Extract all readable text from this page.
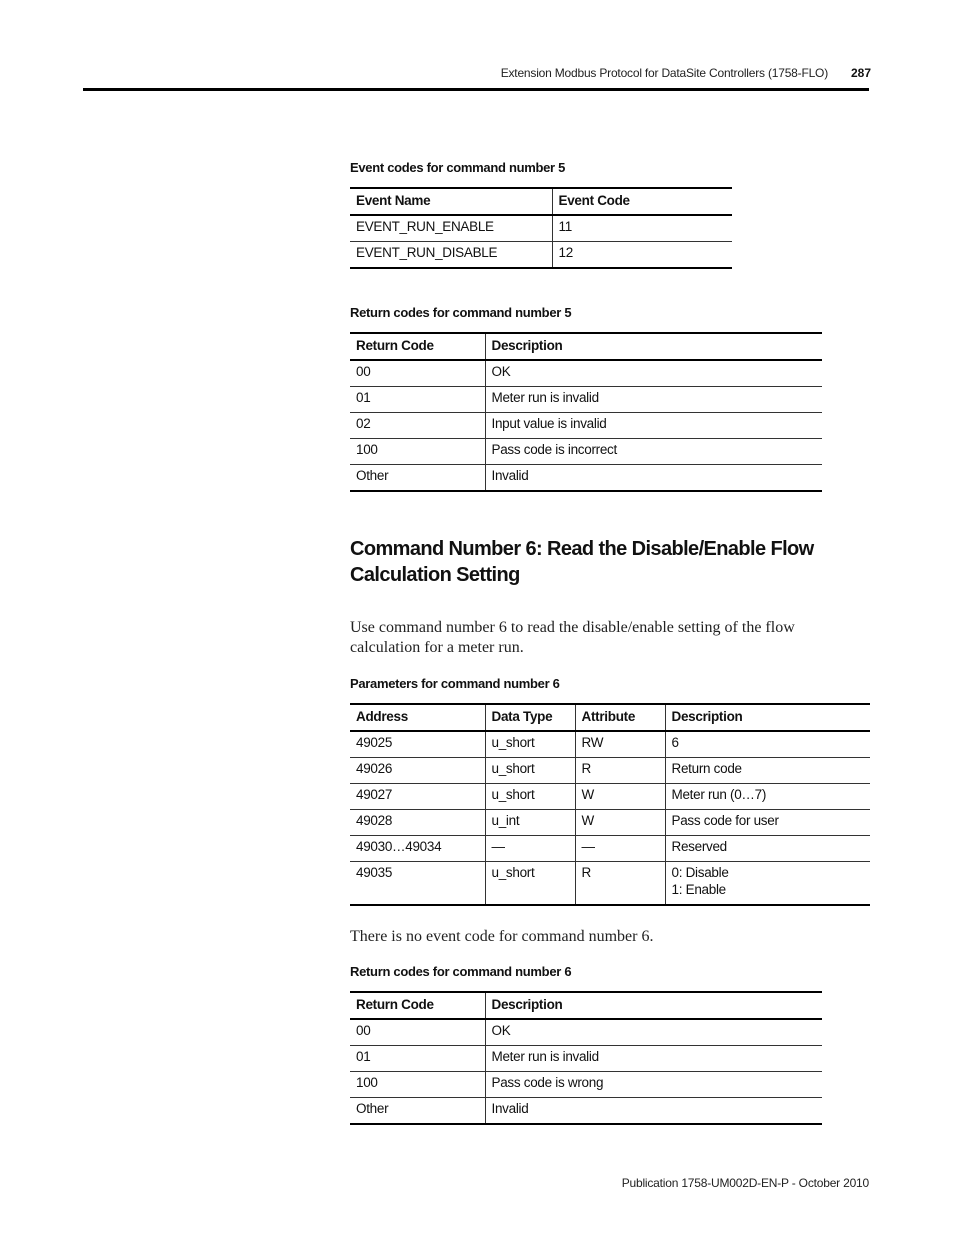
Extension Modbus Protocol for DataSite Controllers (1758-FLO) 287
Event codes for command number 5
Event Name	Event Code
EVENT_RUN_ENABLE	11
EVENT_RUN_DISABLE	12
Return codes for command number 5
Return Code	Description
00	OK
01	Meter run is invalid
02	Input value is invalid
100	Pass code is incorrect
Other	Invalid
Command Number 6: Read the Disable/Enable Flow Calculation Setting
Use command number 6 to read the disable/enable setting of the flow calculation for a meter run.
Parameters for command number 6
Address	Data Type	Attribute	Description
49025	u_short	RW	6
49026	u_short	R	Return code
49027	u_short	W	Meter run (0…7)
49028	u_int	W	Pass code for user
49030…49034	—	—	Reserved
49035	u_short	R	0: Disable
1: Enable
There is no event code for command number 6.
Return codes for command number 6
Return Code	Description
00	OK
01	Meter run is invalid
100	Pass code is wrong
Other	Invalid
Publication 1758-UM002D-EN-P - October 2010
